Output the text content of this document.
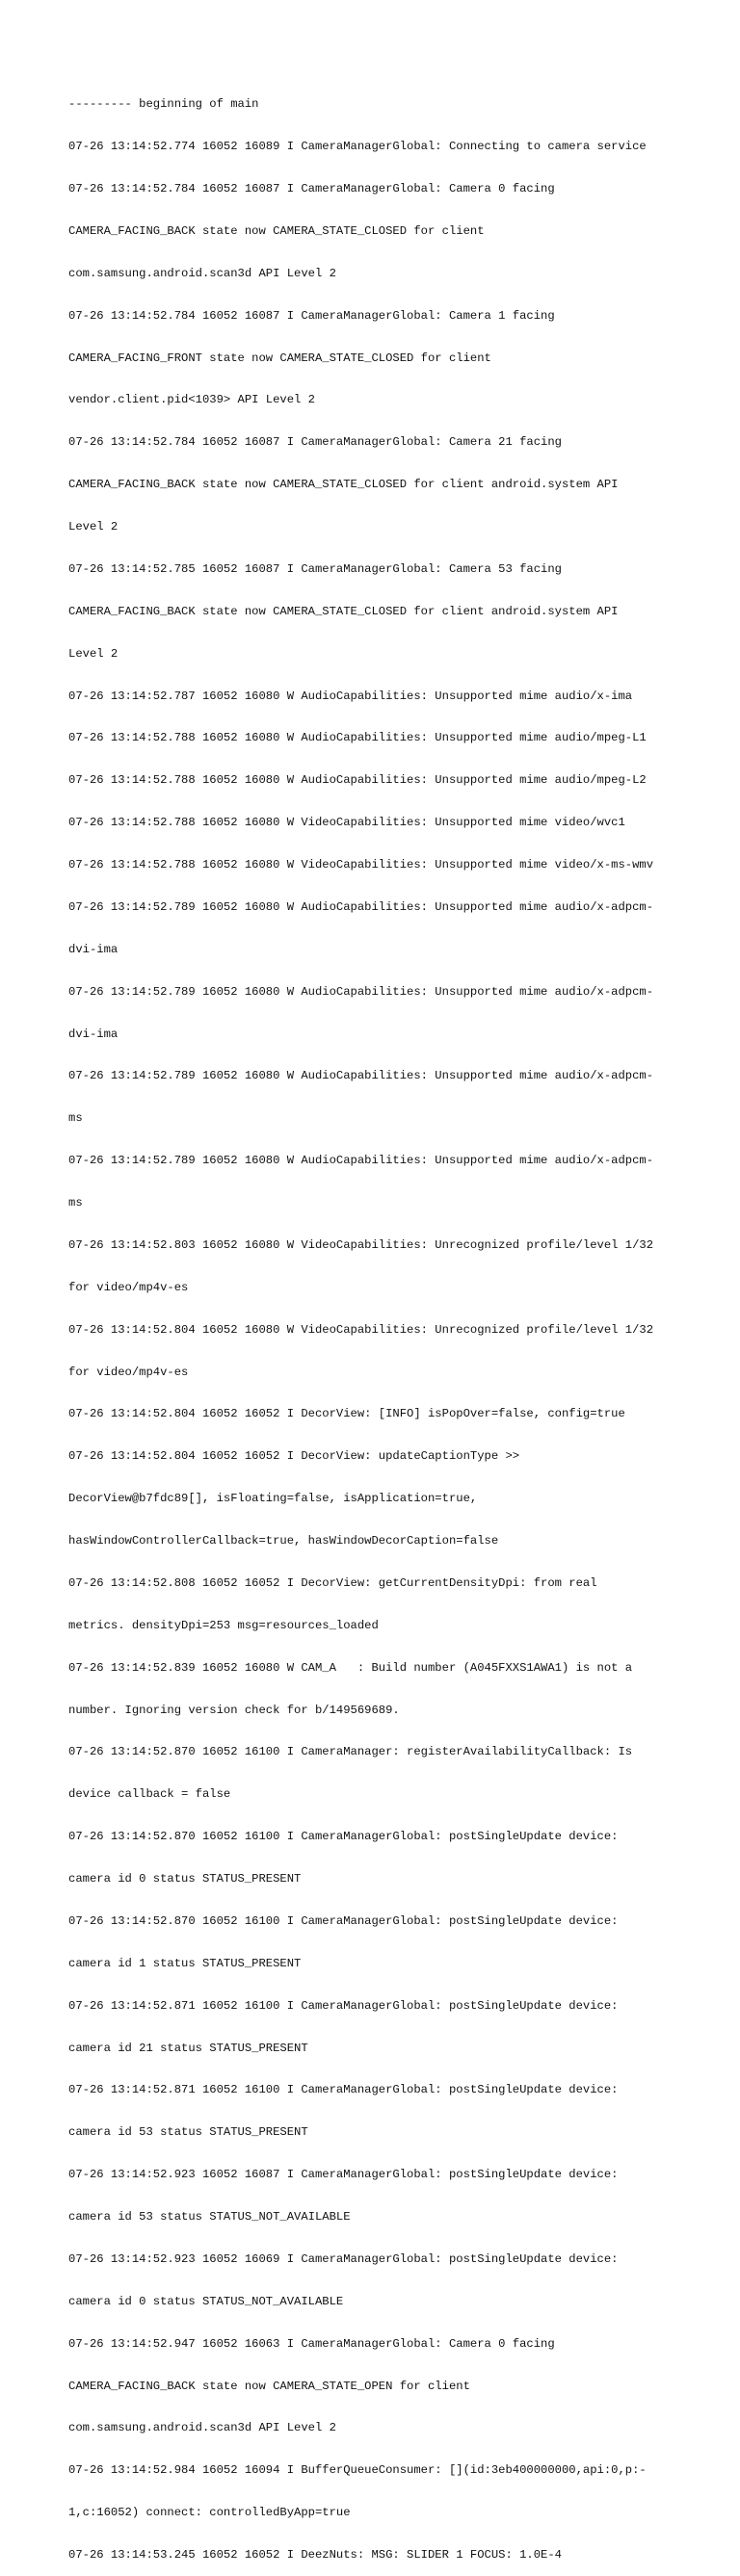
--------- beginning of main

07-26 13:14:52.774 16052 16089 I CameraManagerGlobal: Connecting to camera service

07-26 13:14:52.784 16052 16087 I CameraManagerGlobal: Camera 0 facing

CAMERA_FACING_BACK state now CAMERA_STATE_CLOSED for client

com.samsung.android.scan3d API Level 2

07-26 13:14:52.784 16052 16087 I CameraManagerGlobal: Camera 1 facing

CAMERA_FACING_FRONT state now CAMERA_STATE_CLOSED for client

vendor.client.pid<1039> API Level 2

07-26 13:14:52.784 16052 16087 I CameraManagerGlobal: Camera 21 facing

CAMERA_FACING_BACK state now CAMERA_STATE_CLOSED for client android.system API

Level 2

07-26 13:14:52.785 16052 16087 I CameraManagerGlobal: Camera 53 facing

CAMERA_FACING_BACK state now CAMERA_STATE_CLOSED for client android.system API

Level 2

07-26 13:14:52.787 16052 16080 W AudioCapabilities: Unsupported mime audio/x-ima

07-26 13:14:52.788 16052 16080 W AudioCapabilities: Unsupported mime audio/mpeg-L1

07-26 13:14:52.788 16052 16080 W AudioCapabilities: Unsupported mime audio/mpeg-L2

07-26 13:14:52.788 16052 16080 W VideoCapabilities: Unsupported mime video/wvc1

07-26 13:14:52.788 16052 16080 W VideoCapabilities: Unsupported mime video/x-ms-wmv

07-26 13:14:52.789 16052 16080 W AudioCapabilities: Unsupported mime audio/x-adpcm-

dvi-ima

07-26 13:14:52.789 16052 16080 W AudioCapabilities: Unsupported mime audio/x-adpcm-

dvi-ima

07-26 13:14:52.789 16052 16080 W AudioCapabilities: Unsupported mime audio/x-adpcm-

ms

07-26 13:14:52.789 16052 16080 W AudioCapabilities: Unsupported mime audio/x-adpcm-

ms

07-26 13:14:52.803 16052 16080 W VideoCapabilities: Unrecognized profile/level 1/32

for video/mp4v-es

07-26 13:14:52.804 16052 16080 W VideoCapabilities: Unrecognized profile/level 1/32

for video/mp4v-es

07-26 13:14:52.804 16052 16052 I DecorView: [INFO] isPopOver=false, config=true

07-26 13:14:52.804 16052 16052 I DecorView: updateCaptionType >>

DecorView@b7fdc89[], isFloating=false, isApplication=true,

hasWindowControllerCallback=true, hasWindowDecorCaption=false

07-26 13:14:52.808 16052 16052 I DecorView: getCurrentDensityDpi: from real

metrics. densityDpi=253 msg=resources_loaded

07-26 13:14:52.839 16052 16080 W CAM_A   : Build number (A045FXXS1AWA1) is not a

number. Ignoring version check for b/149569689.

07-26 13:14:52.870 16052 16100 I CameraManager: registerAvailabilityCallback: Is

device callback = false

07-26 13:14:52.870 16052 16100 I CameraManagerGlobal: postSingleUpdate device:

camera id 0 status STATUS_PRESENT

07-26 13:14:52.870 16052 16100 I CameraManagerGlobal: postSingleUpdate device:

camera id 1 status STATUS_PRESENT

07-26 13:14:52.871 16052 16100 I CameraManagerGlobal: postSingleUpdate device:

camera id 21 status STATUS_PRESENT

07-26 13:14:52.871 16052 16100 I CameraManagerGlobal: postSingleUpdate device:

camera id 53 status STATUS_PRESENT

07-26 13:14:52.923 16052 16087 I CameraManagerGlobal: postSingleUpdate device:

camera id 53 status STATUS_NOT_AVAILABLE

07-26 13:14:52.923 16052 16069 I CameraManagerGlobal: postSingleUpdate device:

camera id 0 status STATUS_NOT_AVAILABLE

07-26 13:14:52.947 16052 16063 I CameraManagerGlobal: Camera 0 facing

CAMERA_FACING_BACK state now CAMERA_STATE_OPEN for client

com.samsung.android.scan3d API Level 2

07-26 13:14:52.984 16052 16094 I BufferQueueConsumer: [](id:3eb400000000,api:0,p:-

1,c:16052) connect: controlledByApp=true

07-26 13:14:53.245 16052 16052 I DeezNuts: MSG: SLIDER 1 FOCUS: 1.0E-4
